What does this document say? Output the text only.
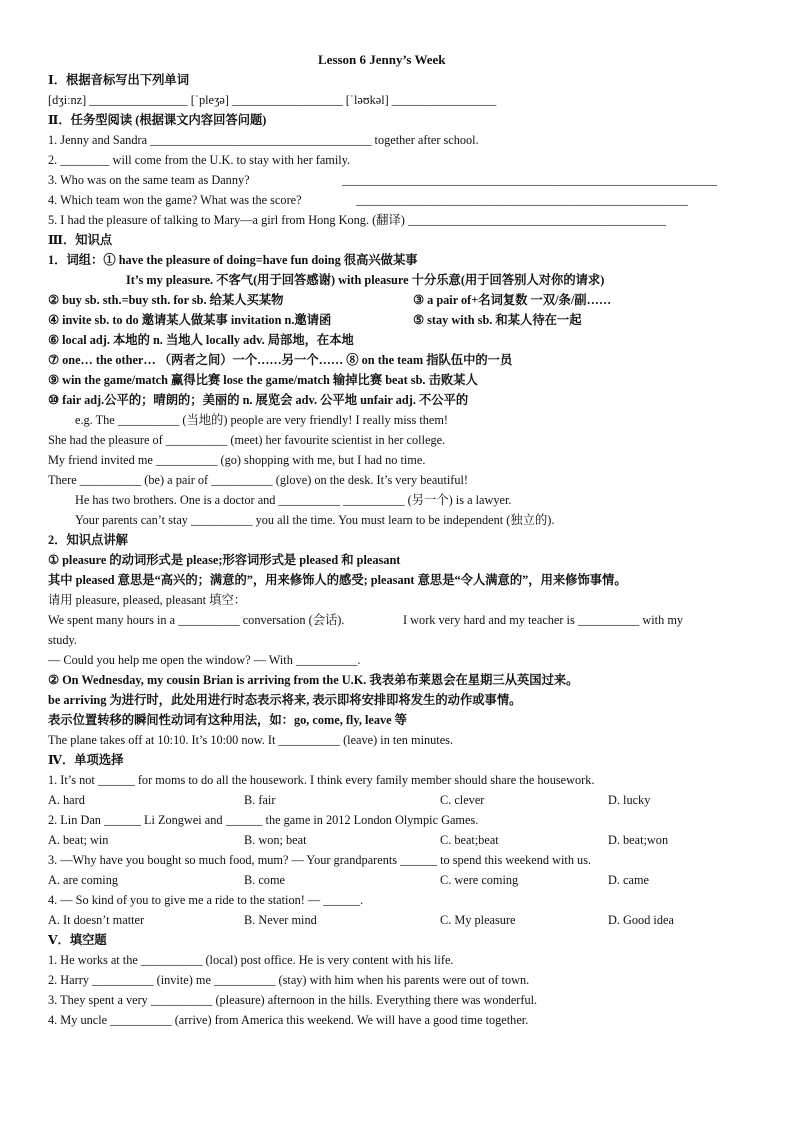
Lesson 6 Jenny’s Week
Ⅰ．根据音标写出下列单词
[dʒiːnz] ________________ [ˈpleʒə] __________________ [ˈləʊkəl] _________________
Ⅱ．任务型阅读 (根据课文内容回答问题)
1. Jenny and Sandra ____________________________________ together after school.
2. ________ will come from the U.K. to stay with her family.
3. Who was on the same team as Danny?	_____________________________________________________________
4. Which team won the game? What was the score?	______________________________________________________
5. I had the pleasure of talking to Mary—a girl from Hong Kong. (翻译) __________________________________________
Ⅲ．知识点
1．词组：① have the pleasure of doing=have fun doing 很高兴做某事
It’s my pleasure. 不客气(用于回答感谢) with pleasure 十分乐意(用于回答别人对你的请求)
② buy sb. sth.=buy sth. for sb. 给某人买某物	③ a pair of+名词复数 一双/条/副……
④ invite sb. to do 邀请某人做某事 invitation n.邀请函	⑤ stay with sb. 和某人待在一起
⑥ local adj. 本地的 n. 当地人 locally adv. 局部地，在本地
⑦ one… the other… （两者之间）一个……另一个…… ⑧ on the team 指队伍中的一员
⑨ win the game/match 赢得比赛 lose the game/match 输掉比赛 beat sb. 击败某人
⑩ fair adj.公平的；晴朗的；美丽的 n. 展览会 adv. 公平地 unfair adj. 不公平的
e.g. The __________ (当地的) people are very friendly! I really miss them!
She had the pleasure of __________ (meet) her favourite scientist in her college.
My friend invited me __________ (go) shopping with me, but I had no time.
There __________ (be) a pair of __________ (glove) on the desk. It’s very beautiful!
He has two brothers. One is a doctor and __________ __________ (另一个) is a lawyer.
Your parents can’t stay __________ you all the time. You must learn to be independent (独立的).
2．知识点讲解
① pleasure 的动词形式是 please;形容词形式是 pleased 和 pleasant
其中 pleased 意思是“高兴的；满意的”，用来修饰人的感受; pleasant 意思是“令人满意的”，用来修饰事情。
请用 pleasure, pleased, pleasant 填空：
We spent many hours in a __________ conversation (会话).	I work very hard and my teacher is __________ with my
study.
— Could you help me open the window? — With __________.
② On Wednesday, my cousin Brian is arriving from the U.K. 我表弟布莱恩会在星期三从英国过来。
be arriving 为进行时，此处用进行时态表示将来, 表示即将安排即将发生的动作或事情。
表示位置转移的瞬间性动词有这种用法，如：go, come, fly, leave 等
The plane takes off at 10:10. It’s 10:00 now. It __________ (leave) in ten minutes.
Ⅳ．单项选择
1. It’s not ______ for moms to do all the housework. I think every family member should share the housework.
A. hard	B. fair	C. clever	D. lucky
2. Lin Dan ______ Li Zongwei and ______ the game in 2012 London Olympic Games.
A. beat; win	B. won; beat	C. beat;beat	D. beat;won
3. —Why have you bought so much food, mum? — Your grandparents ______ to spend this weekend with us.
A. are coming	B. come	C. were coming	D. came
4. — So kind of you to give me a ride to the station! — ______.
A. It doesn’t matter	B. Never mind	C. My pleasure	D. Good idea
Ⅴ．填空题
1. He works at the __________ (local) post office. He is very content with his life.
2. Harry __________ (invite) me __________ (stay) with him when his parents were out of town.
3. They spent a very __________ (pleasure) afternoon in the hills. Everything there was wonderful.
4. My uncle __________ (arrive) from America this weekend. We will have a good time together.
